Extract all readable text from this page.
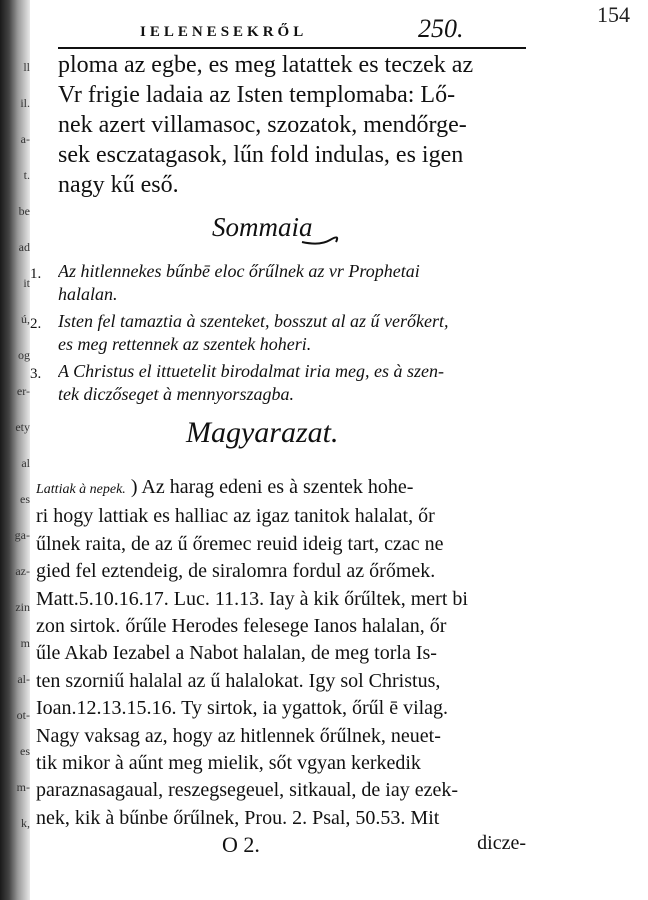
ll
il.
a-
t.
be
ad
it
ú,
og
er-
ety
al
es
ga-
az-
zin
m
al-
ot-
es
m-
k,
154
IELENESEKRŐL	250.
ploma az egbe, es meg latattek es teczek az
Vr frigie ladaia az Isten templomaba: Lő-
nek azert villamasoc, szozatok, mendőrge-
sek esczatagasok, lűn fold indulas, es igen
nagy kű eső.
Sommaia
1. Az hitlennekes bűnbē eloc őrűlnek az vr Prophetai
halalan.
2. Isten fel tamaztia à szenteket, bosszut al az ű verőkert,
es meg rettennek az szentek hoheri.
3. A Christus el ittuetelit birodalmat iria meg, es à szen-
tek diczőseget à mennyorszagba.
Magyarazat.
Lattiak à nepek. ) Az harag edeni es à szentek hohe-
ri hogy lattiak es halliac az igaz tanitok halalat, őr
űlnek raita, de az ű őremec reuid ideig tart, czac ne
gied fel eztendeig, de siralomra fordul az őrőmek.
Matt.5.10.16.17. Luc. 11.13. Iay à kik őrűltek, mert bi
zon sirtok. őrűle Herodes felesege Ianos halalan, őr
űle Akab Iezabel a Nabot halalan, de meg torla Is-
ten szorniű halalal az ű halalokat. Igy sol Christus,
Ioan.12.13.15.16. Ty sirtok, ia ygattok, őrűl ē vilag.
Nagy vaksag az, hogy az hitlennek őrűlnek, neuet-
tik mikor à aűnt meg mielik, sőt vgyan kerkedik
paraznasagaual, reszegsegeuel, sitkaual, de iay ezek-
nek, kik à bűnbe őrűlnek, Prou. 2. Psal, 50.53. Mit
O 2.	dicze-
